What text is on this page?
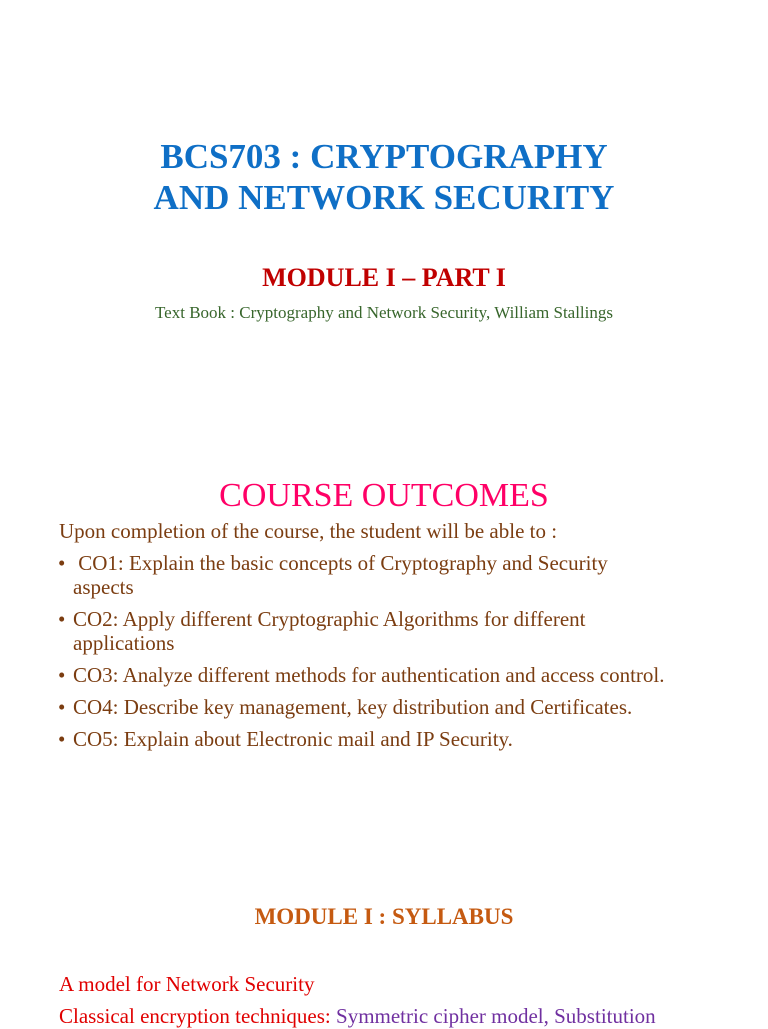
BCS703 : CRYPTOGRAPHY
AND NETWORK SECURITY
MODULE I – PART I
Text Book : Cryptography and Network Security, William Stallings
COURSE OUTCOMES
Upon completion of the course, the student will be able to :
• CO1: Explain the basic concepts of Cryptography and Security
aspects
• CO2: Apply different Cryptographic Algorithms for different
applications
• CO3: Analyze different methods for authentication and access control.
• CO4: Describe key management, key distribution and Certificates.
• CO5: Explain about Electronic mail and IP Security.
MODULE I : SYLLABUS
A model for Network Security
Classical encryption techniques: Symmetric cipher model, Substitution
